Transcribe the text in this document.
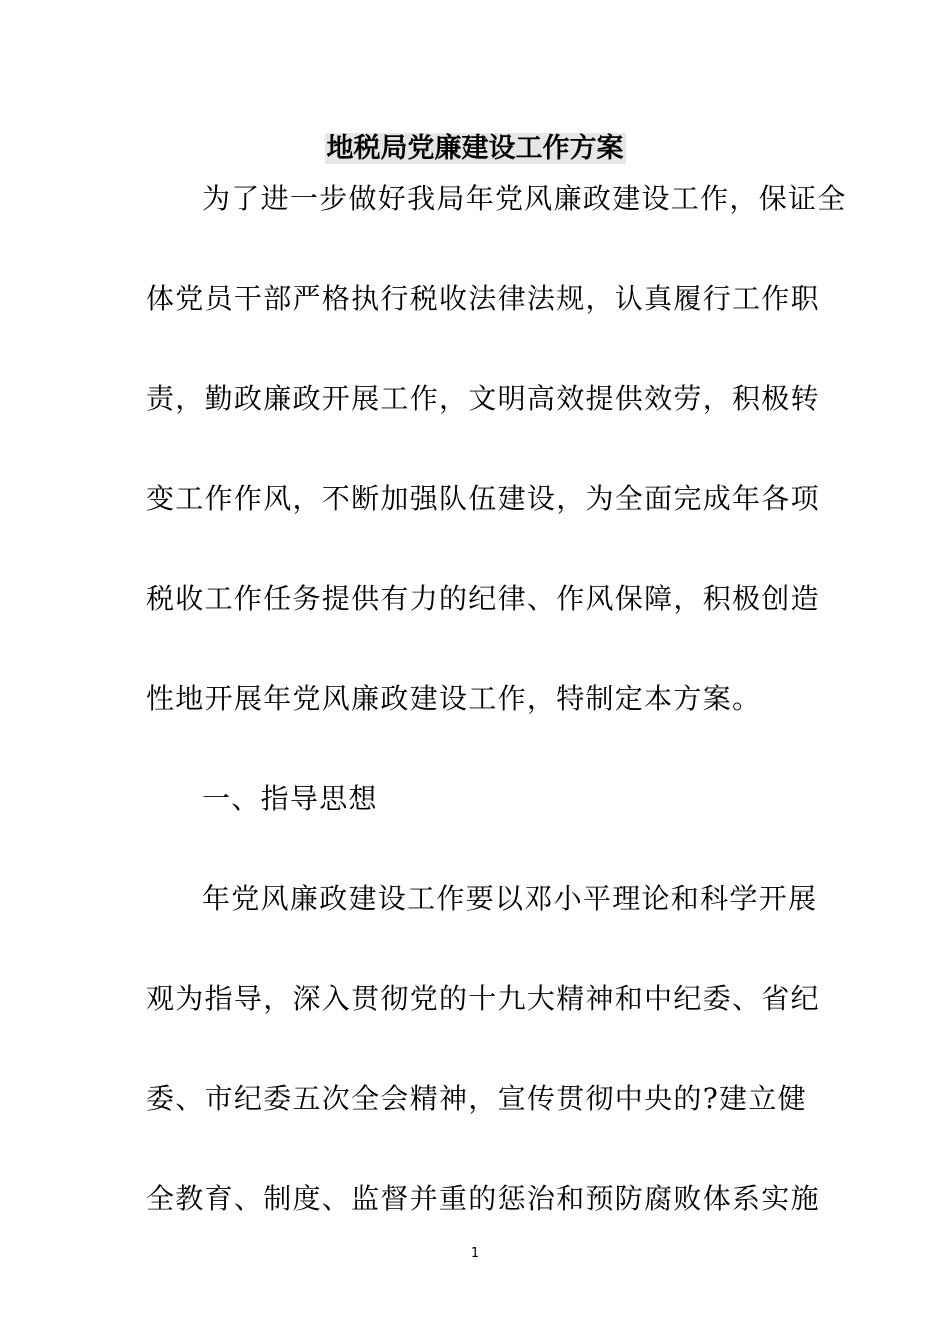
地税局党廉建设工作方案
为了进一步做好我局年党风廉政建设工作，保证全
体党员干部严格执行税收法律法规，认真履行工作职
责，勤政廉政开展工作，文明高效提供效劳，积极转
变工作作风，不断加强队伍建设，为全面完成年各项
税收工作任务提供有力的纪律、作风保障，积极创造
性地开展年党风廉政建设工作，特制定本方案。
一、指导思想
年党风廉政建设工作要以邓小平理论和科学开展
观为指导，深入贯彻党的十九大精神和中纪委、省纪
委、市纪委五次全会精神，宣传贯彻中央的?建立健
全教育、制度、监督并重的惩治和预防腐败体系实施
1
